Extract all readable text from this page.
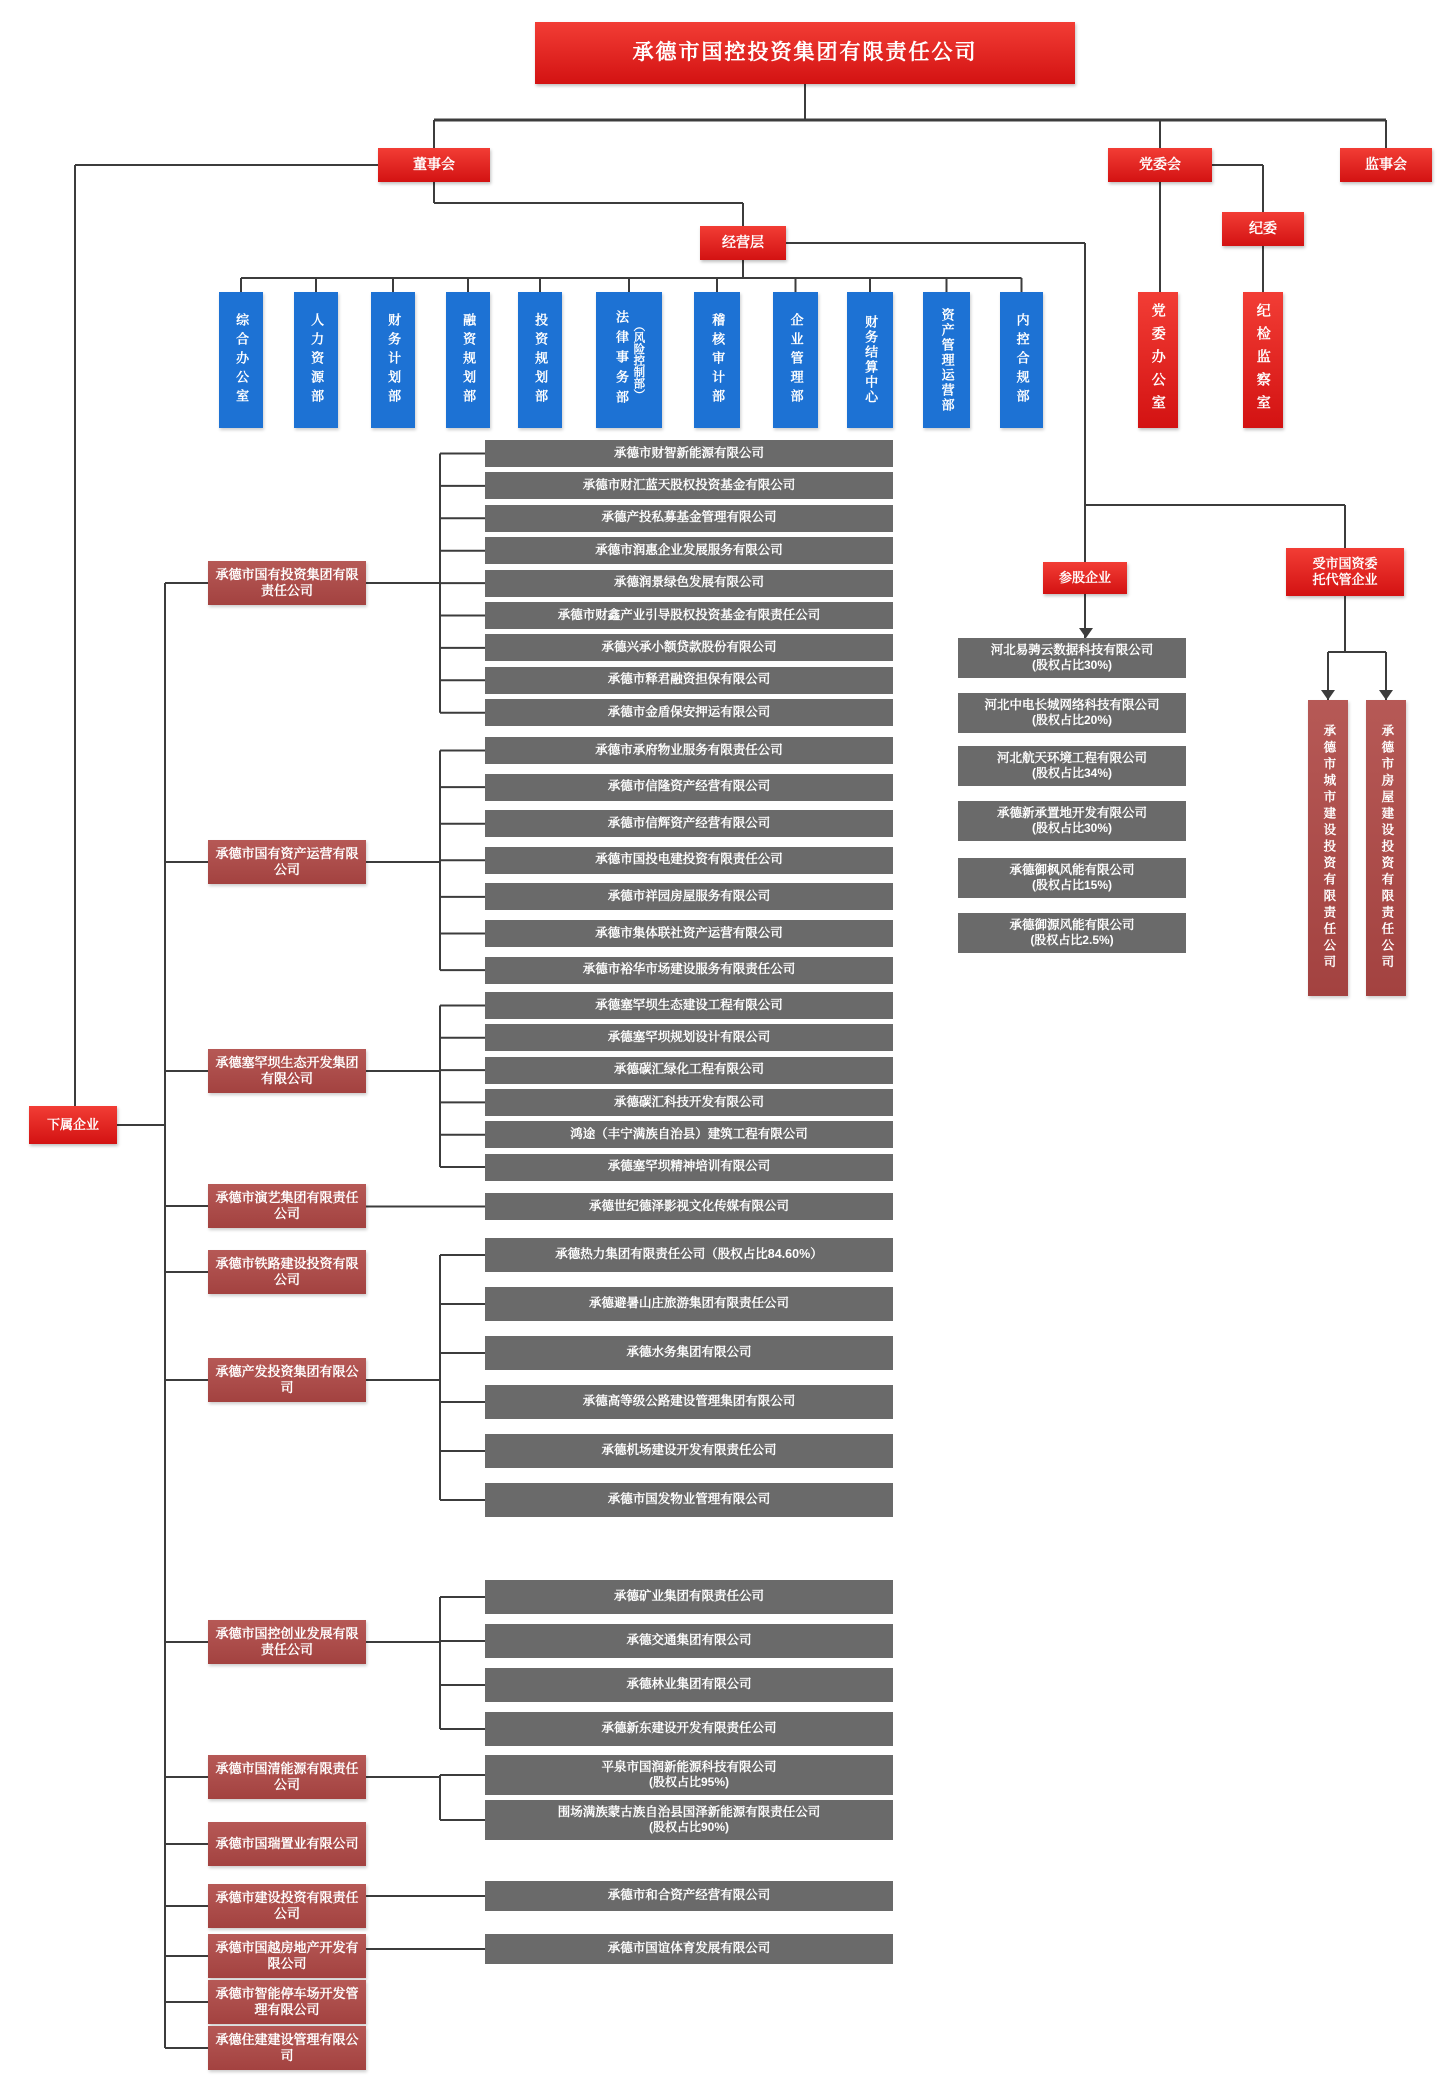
承德市国控投资集团有限责任公司
董事会	党委会	监事会
纪委
经营层
下属企业
参股企业
受市国资委托代管企业
综合办公室	人力资源部	财务计划部	融资规划部	投资规划部	法律事务部 （风险控制部）	稽核审计部	企业管理部	财务结算中心	资产管理运营部	内控合规部	党委办公室	纪检监察室
承德市国有投资集团有限责任公司
承德市财智新能源有限公司
承德市财汇蓝天股权投资基金有限公司
承德产投私募基金管理有限公司
承德市润惠企业发展服务有限公司
承德润景绿色发展有限公司
承德市财鑫产业引导股权投资基金有限责任公司
承德兴承小额贷款股份有限公司
承德市释君融资担保有限公司
承德市金盾保安押运有限公司
承德市国有资产运营有限公司
承德市承府物业服务有限责任公司
承德市信隆资产经营有限公司
承德市信辉资产经营有限公司
承德市国投电建投资有限责任公司
承德市祥园房屋服务有限公司
承德市集体联社资产运营有限公司
承德市裕华市场建设服务有限责任公司
承德塞罕坝生态开发集团有限公司
承德塞罕坝生态建设工程有限公司
承德塞罕坝规划设计有限公司
承德碳汇绿化工程有限公司
承德碳汇科技开发有限公司
鸿途（丰宁满族自治县）建筑工程有限公司
承德塞罕坝精神培训有限公司
承德市演艺集团有限责任公司
承德世纪德泽影视文化传媒有限公司
承德市铁路建设投资有限公司
承德产发投资集团有限公司
承德热力集团有限责任公司（股权占比84.60%）
承德避暑山庄旅游集团有限责任公司
承德水务集团有限公司
承德高等级公路建设管理集团有限公司
承德机场建设开发有限责任公司
承德市国发物业管理有限公司
承德市国控创业发展有限责任公司
承德矿业集团有限责任公司
承德交通集团有限公司
承德林业集团有限公司
承德新东建设开发有限责任公司
承德市国清能源有限责任公司
平泉市国润新能源科技有限公司
(股权占比95%)
围场满族蒙古族自治县国泽新能源有限责任公司
(股权占比90%)
承德市国瑞置业有限公司
承德市建设投资有限责任公司
承德市和合资产经营有限公司
承德市国越房地产开发有限公司
承德市国谊体育发展有限公司
承德市智能停车场开发管理有限公司
承德住建建设管理有限公司
河北易骋云数据科技有限公司
(股权占比30%)
河北中电长城网络科技有限公司
(股权占比20%)
河北航天环境工程有限公司
(股权占比34%)
承德新承置地开发有限公司
(股权占比30%)
承德御枫风能有限公司
(股权占比15%)
承德御源风能有限公司
(股权占比2.5%)	承德市城市建设投资有限责任公司	承德市房屋建设投资有限责任公司
